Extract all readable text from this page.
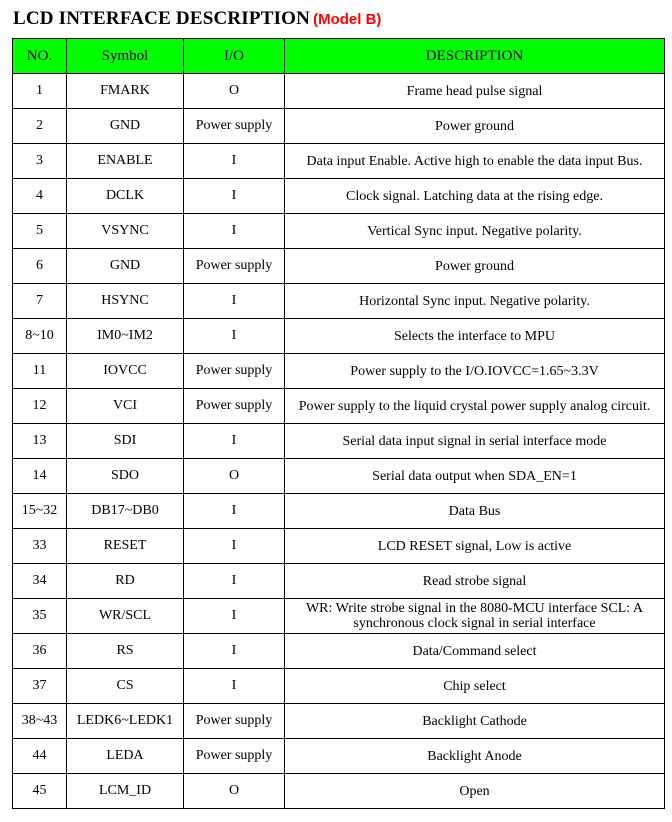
LCD INTERFACE DESCRIPTION (Model B)
NO.	Symbol	I/O	DESCRIPTION
1	FMARK	O	Frame head pulse signal
2	GND	Power supply	Power ground
3	ENABLE	I	Data input Enable. Active high to enable the data input Bus.
4	DCLK	I	Clock signal. Latching data at the rising edge.
5	VSYNC	I	Vertical Sync input. Negative polarity.
6	GND	Power supply	Power ground
7	HSYNC	I	Horizontal Sync input. Negative polarity.
8~10	IM0~IM2	I	Selects the interface to MPU
11	IOVCC	Power supply	Power supply to the I/O.IOVCC=1.65~3.3V
12	VCI	Power supply	Power supply to the liquid crystal power supply analog circuit.
13	SDI	I	Serial data input signal in serial interface mode
14	SDO	O	Serial data output when SDA_EN=1
15~32	DB17~DB0	I	Data Bus
33	RESET	I	LCD RESET signal, Low is active
34	RD	I	Read strobe signal
35	WR/SCL	I	WR: Write strobe signal in the 8080-MCU interface SCL: A synchronous clock signal in serial interface
36	RS	I	Data/Command select
37	CS	I	Chip select
38~43	LEDK6~LEDK1	Power supply	Backlight Cathode
44	LEDA	Power supply	Backlight Anode
45	LCM_ID	O	Open
